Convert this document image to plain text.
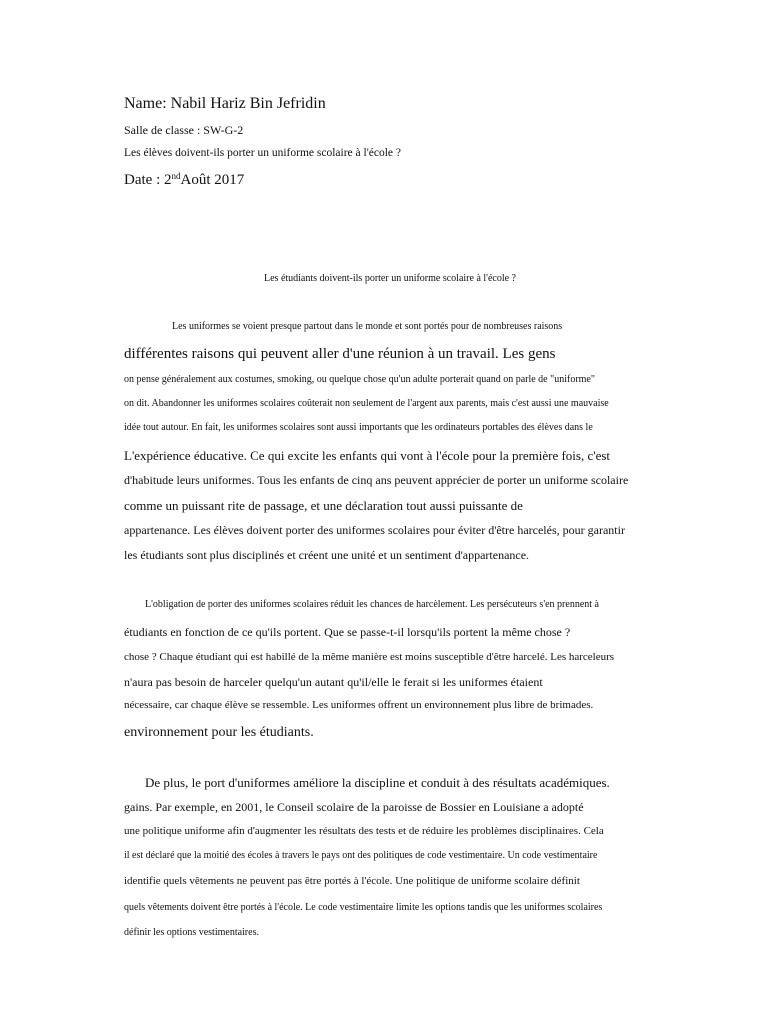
Name: Nabil Hariz Bin Jefridin
Salle de classe : SW-G-2
Les élèves doivent-ils porter un uniforme scolaire à l'école ?
Date : 2ndAoût 2017
Les étudiants doivent-ils porter un uniforme scolaire à l'école ?
Les uniformes se voient presque partout dans le monde et sont portés pour de nombreuses raisons
différentes raisons qui peuvent aller d'une réunion à un travail. Les gens
on pense généralement aux costumes, smoking, ou quelque chose qu'un adulte porterait quand on parle de "uniforme"
on dit. Abandonner les uniformes scolaires coûterait non seulement de l'argent aux parents, mais c'est aussi une mauvaise
idée tout autour. En fait, les uniformes scolaires sont aussi importants que les ordinateurs portables des élèves dans le
L'expérience éducative. Ce qui excite les enfants qui vont à l'école pour la première fois, c'est
d'habitude leurs uniformes. Tous les enfants de cinq ans peuvent apprécier de porter un uniforme scolaire
comme un puissant rite de passage, et une déclaration tout aussi puissante de
appartenance. Les élèves doivent porter des uniformes scolaires pour éviter d'être harcelés, pour garantir
les étudiants sont plus disciplinés et créent une unité et un sentiment d'appartenance.
L'obligation de porter des uniformes scolaires réduit les chances de harcèlement. Les persécuteurs s'en prennent à
étudiants en fonction de ce qu'ils portent. Que se passe-t-il lorsqu'ils portent la même chose ?
chose ? Chaque étudiant qui est habillé de la même manière est moins susceptible d'être harcelé. Les harceleurs
n'aura pas besoin de harceler quelqu'un autant qu'il/elle le ferait si les uniformes étaient
nécessaire, car chaque élève se ressemble. Les uniformes offrent un environnement plus libre de brimades.
environnement pour les étudiants.
De plus, le port d'uniformes améliore la discipline et conduit à des résultats académiques.
gains. Par exemple, en 2001, le Conseil scolaire de la paroisse de Bossier en Louisiane a adopté
une politique uniforme afin d'augmenter les résultats des tests et de réduire les problèmes disciplinaires. Cela
il est déclaré que la moitié des écoles à travers le pays ont des politiques de code vestimentaire. Un code vestimentaire
identifie quels vêtements ne peuvent pas être portés à l'école. Une politique de uniforme scolaire définit
quels vêtements doivent être portés à l'école. Le code vestimentaire limite les options tandis que les uniformes scolaires
définir les options vestimentaires.
